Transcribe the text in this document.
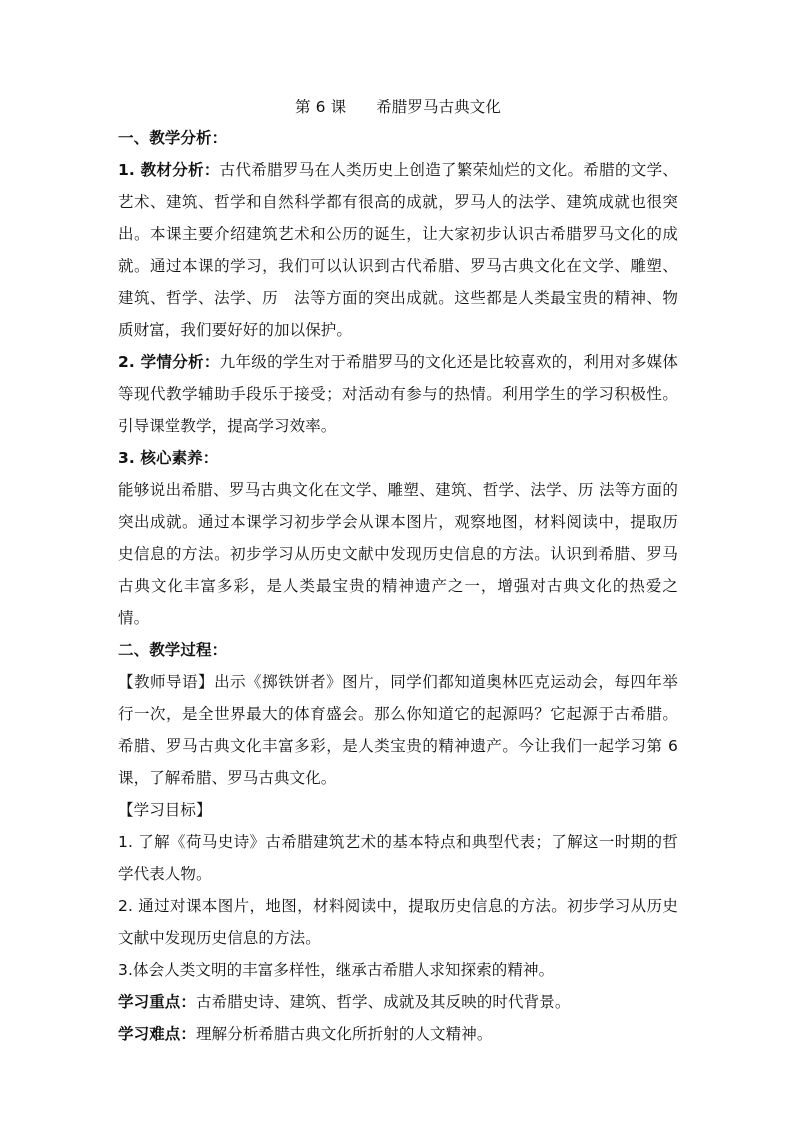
第 6 课 希腊罗马古典文化

一、教学分析：

1. 教材分析：古代希腊罗马在人类历史上创造了繁荣灿烂的文化。希腊的文学、艺术、建筑、哲学和自然科学都有很高的成就，罗马人的法学、建筑成就也很突出。本课主要介绍建筑艺术和公历的诞生，让大家初步认识古希腊罗马文化的成就。通过本课的学习，我们可以认识到古代希腊、罗马古典文化在文学、雕塑、建筑、哲学、法学、历　法等方面的突出成就。这些都是人类最宝贵的精神、物质财富，我们要好好的加以保护。

2. 学情分析：九年级的学生对于希腊罗马的文化还是比较喜欢的，利用对多媒体等现代教学辅助手段乐于接受；对活动有参与的热情。利用学生的学习积极性。引导课堂教学，提高学习效率。

3. 核心素养：

能够说出希腊、罗马古典文化在文学、雕塑、建筑、哲学、法学、历 法等方面的突出成就。通过本课学习初步学会从课本图片，观察地图，材料阅读中，提取历史信息的方法。初步学习从历史文献中发现历史信息的方法。认识到希腊、罗马古典文化丰富多彩，是人类最宝贵的精神遗产之一，增强对古典文化的热爱之情。

二、教学过程：

【教师导语】出示《掷铁饼者》图片，同学们都知道奥林匹克运动会，每四年举行一次，是全世界最大的体育盛会。那么你知道它的起源吗？它起源于古希腊。希腊、罗马古典文化丰富多彩，是人类宝贵的精神遗产。今让我们一起学习第 6 课，了解希腊、罗马古典文化。

【学习目标】

1. 了解《荷马史诗》古希腊建筑艺术的基本特点和典型代表；了解这一时期的哲学代表人物。

2. 通过对课本图片，地图，材料阅读中，提取历史信息的方法。初步学习从历史文献中发现历史信息的方法。

3.体会人类文明的丰富多样性，继承古希腊人求知探索的精神。

学习重点：古希腊史诗、建筑、哲学、成就及其反映的时代背景。

学习难点：理解分析希腊古典文化所折射的人文精神。
